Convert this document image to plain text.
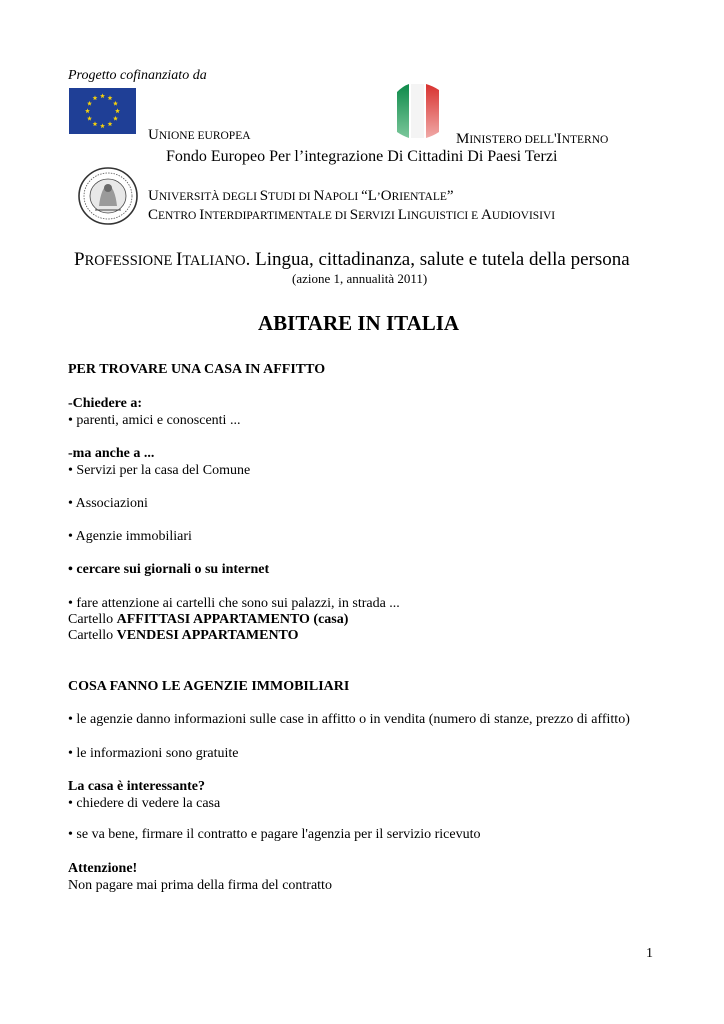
Progetto cofinanziato da
UNIONE EUROPEA	MINISTERO DELL'INTERNO
Fondo Europeo Per l’integrazione Di Cittadini Di Paesi Terzi
UNIVERSITÀ DEGLI STUDI DI NAPOLI “L’ORIENTALE”
CENTRO INTERDIPARTIMENTALE DI SERVIZI LINGUISTICI E AUDIOVISIVI
PROFESSIONE ITALIANO. Lingua, cittadinanza, salute e tutela della persona
(azione 1, annualità 2011)
ABITARE IN ITALIA
PER TROVARE UNA CASA IN AFFITTO
-Chiedere a:
• parenti, amici e conoscenti ...
-ma anche a ...
• Servizi per la casa del Comune
• Associazioni
• Agenzie immobiliari
• cercare sui giornali o su internet
• fare attenzione ai cartelli che sono sui palazzi, in strada ...
Cartello AFFITTASI APPARTAMENTO (casa)
Cartello VENDESI APPARTAMENTO
COSA FANNO LE AGENZIE IMMOBILIARI
• le agenzie danno informazioni sulle case in affitto o in vendita (numero di stanze, prezzo di affitto)
• le informazioni sono gratuite
La casa è interessante?
• chiedere di vedere la casa
• se va bene, firmare il contratto e pagare l'agenzia per il servizio ricevuto
Attenzione!
Non pagare mai prima della firma del contratto
1
